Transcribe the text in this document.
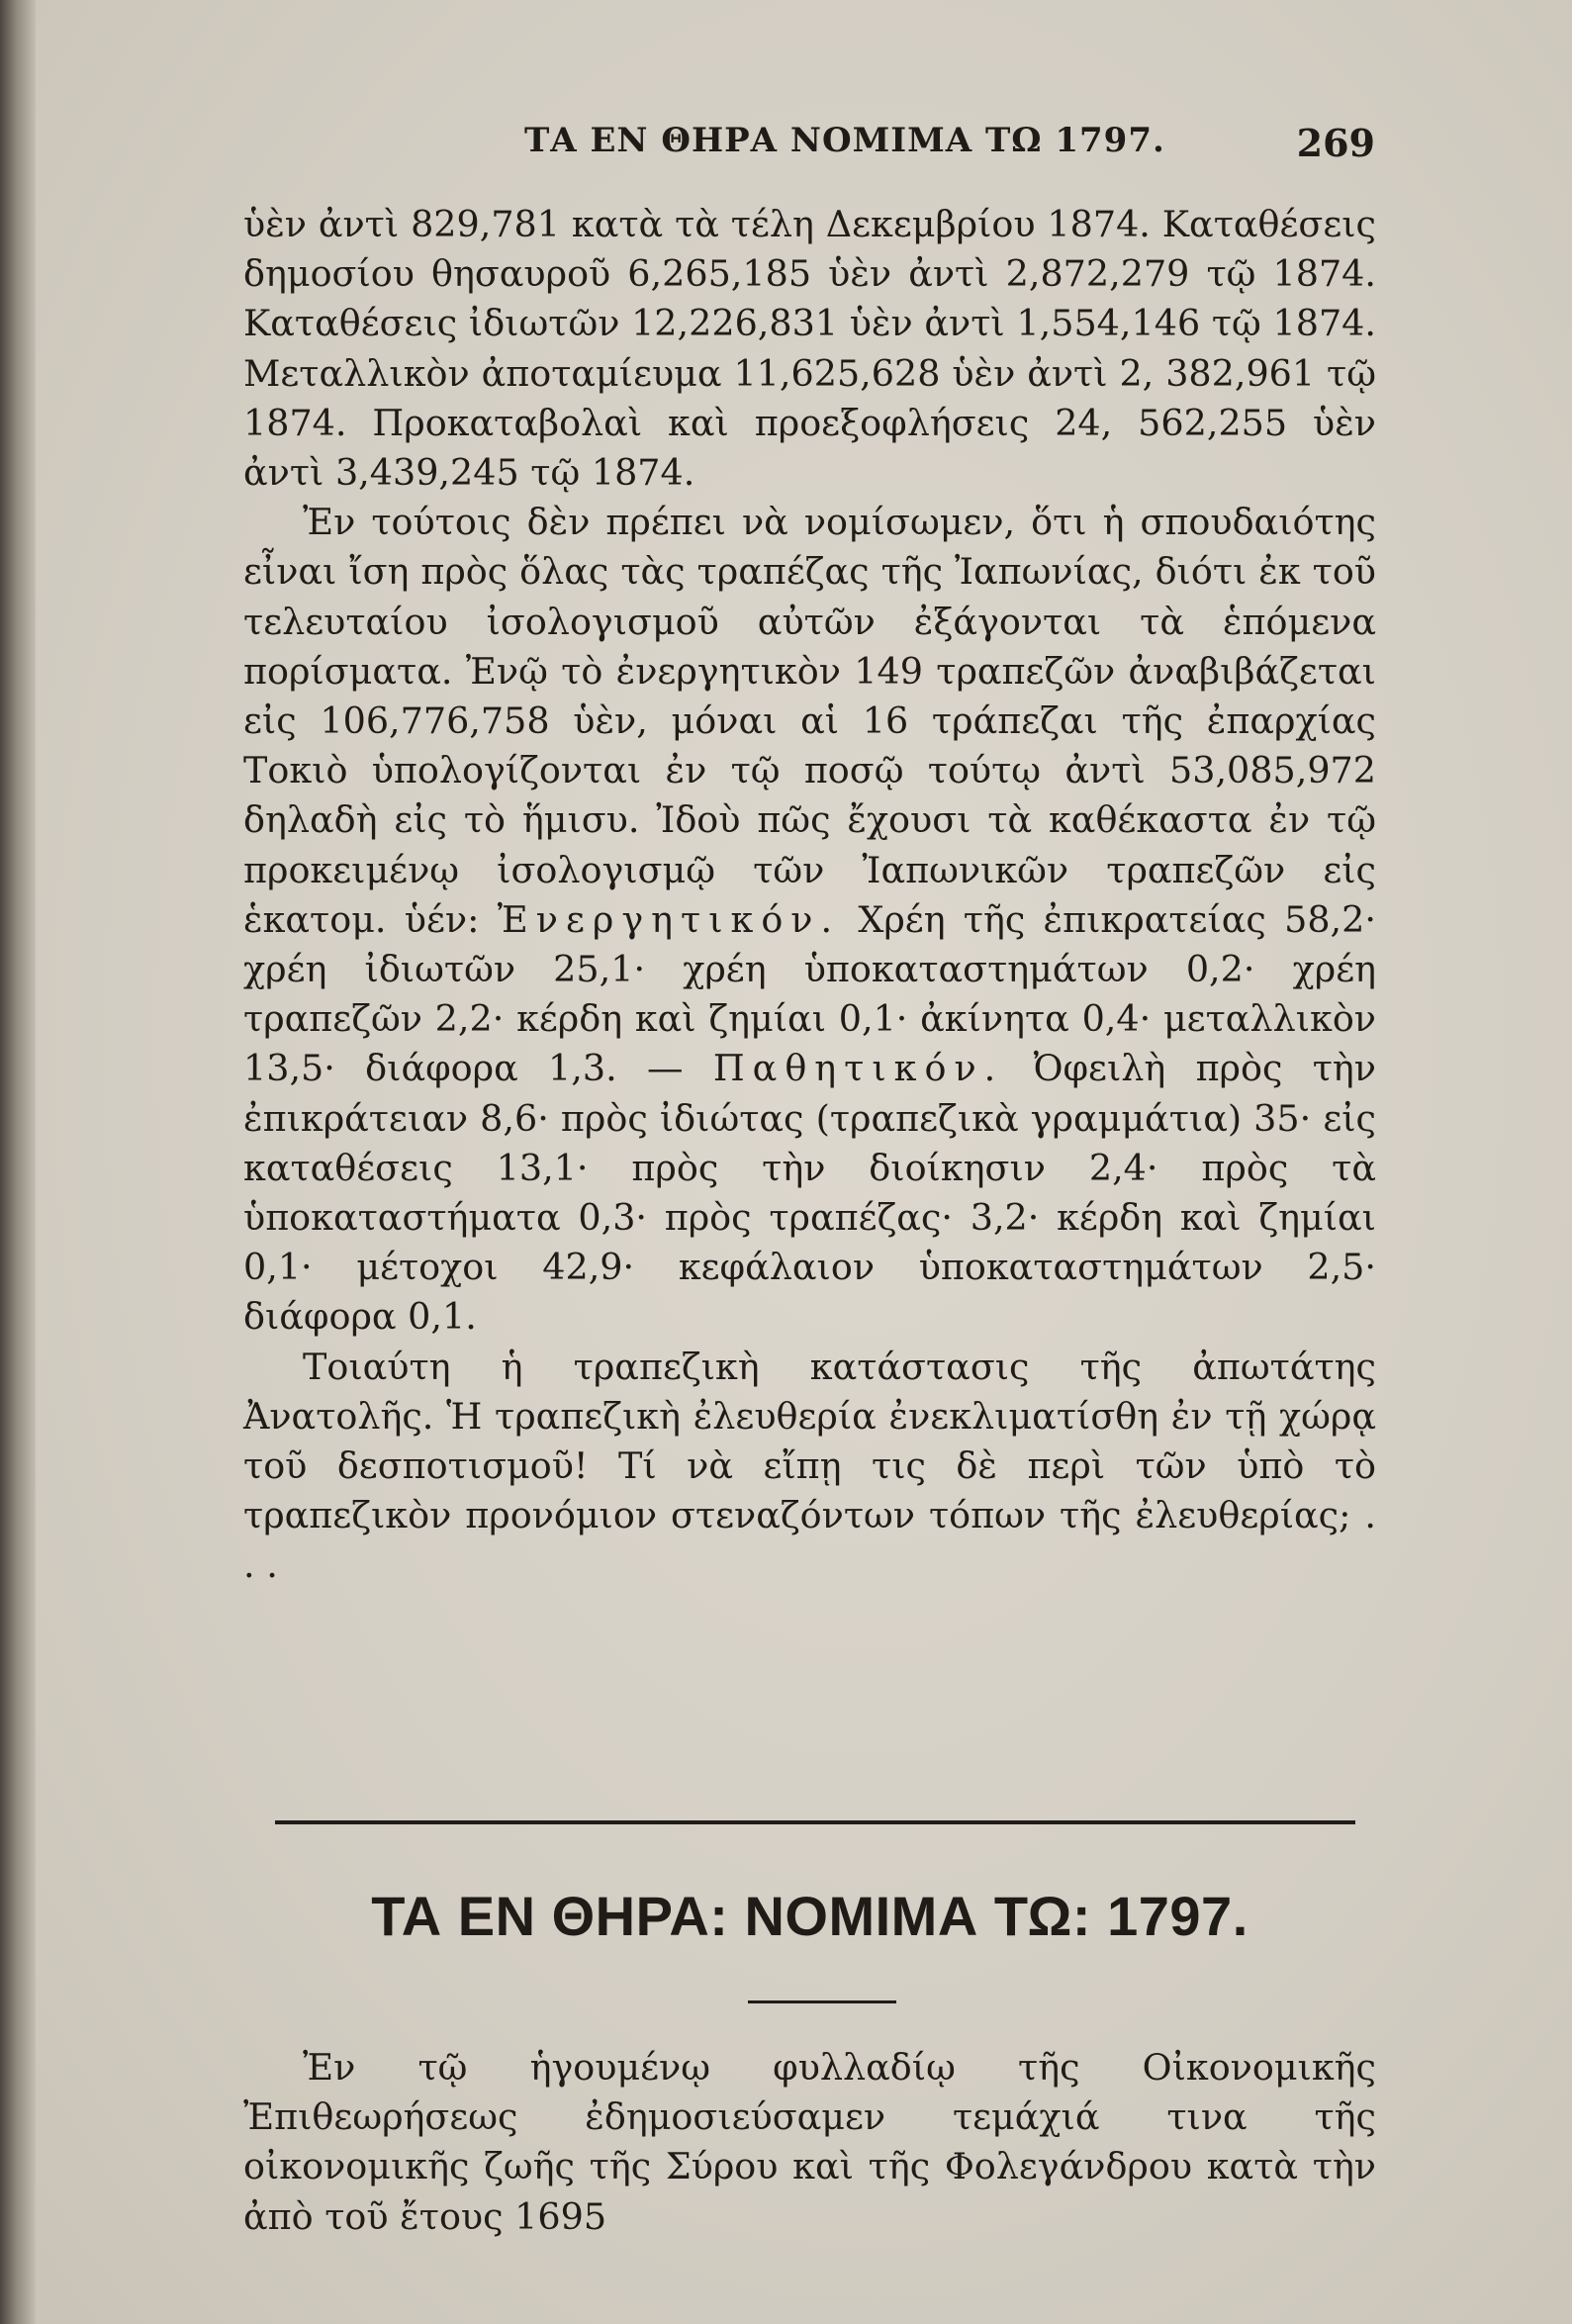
ΤΑ ΕΝ ΘΗΡΑ ΝΟΜΙΜΑ ΤΩ 1797.	269

ὑὲν ἀντὶ 829,781 κατὰ τὰ τέλη Δεκεμβρίου 1874. Καταθέσεις δημοσίου θησαυροῦ 6,265,185 ὑὲν ἀντὶ 2,872,279 τῷ 1874. Καταθέσεις ἰδιωτῶν 12,226,831 ὑὲν ἀντὶ 1,554,146 τῷ 1874. Μεταλλικὸν ἀποταμίευμα 11,625,628 ὑὲν ἀντὶ 2, 382,961 τῷ 1874. Προκαταβολαὶ καὶ προεξοφλήσεις 24, 562,255 ὑὲν ἀντὶ 3,439,245 τῷ 1874.

Ἐν τούτοις δὲν πρέπει νὰ νομίσωμεν, ὅτι ἡ σπουδαιότης εἶναι ἴση πρὸς ὅλας τὰς τραπέζας τῆς Ἰαπωνίας, διότι ἐκ τοῦ τελευταίου ἰσολογισμοῦ αὐτῶν ἐξάγονται τὰ ἑπόμενα πορίσματα. Ἐνῷ τὸ ἐνεργητικὸν 149 τραπεζῶν ἀναβιβάζεται εἰς 106,776,758 ὑὲν, μόναι αἱ 16 τράπεζαι τῆς ἐπαρχίας Τοκιὸ ὑπολογίζονται ἐν τῷ ποσῷ τούτῳ ἀντὶ 53,085,972 δηλαδὴ εἰς τὸ ἥμισυ. Ἰδοὺ πῶς ἔχουσι τὰ καθέκαστα ἐν τῷ προκειμένῳ ἰσολογισμῷ τῶν Ἰαπωνικῶν τραπεζῶν εἰς ἑκατομ. ὑέν: Ἐνεργητικόν. Χρέη τῆς ἐπικρατείας 58,2· χρέη ἰδιωτῶν 25,1· χρέη ὑποκαταστημάτων 0,2· χρέη τραπεζῶν 2,2· κέρδη καὶ ζημίαι 0,1· ἀκίνητα 0,4· μεταλλικὸν 13,5· διάφορα 1,3. — Παθητικόν. Ὀφειλὴ πρὸς τὴν ἐπικράτειαν 8,6· πρὸς ἰδιώτας (τραπεζικὰ γραμμάτια) 35· εἰς καταθέσεις 13,1· πρὸς τὴν διοίκησιν 2,4· πρὸς τὰ ὑποκαταστήματα 0,3· πρὸς τραπέζας· 3,2· κέρδη καὶ ζημίαι 0,1· μέτοχοι 42,9· κεφάλαιον ὑποκαταστημάτων 2,5· διάφορα 0,1.

Τοιαύτη ἡ τραπεζικὴ κατάστασις τῆς ἀπωτάτης Ἀνατολῆς. Ἡ τραπεζικὴ ἐλευθερία ἐνεκλιματίσθη ἐν τῇ χώρᾳ τοῦ δεσποτισμοῦ! Τί νὰ εἴπῃ τις δὲ περὶ τῶν ὑπὸ τὸ τραπεζικὸν προνόμιον στεναζόντων τόπων τῆς ἐλευθερίας; . . .

ΤΑ ΕΝ ΘΗΡΑ: ΝΟΜΙΜΑ ΤΩ: 1797.

Ἐν τῷ ἡγουμένῳ φυλλαδίῳ τῆς Οἰκονομικῆς Ἐπιθεωρήσεως ἐδημοσιεύσαμεν τεμάχιά τινα τῆς οἰκονομικῆς ζωῆς τῆς Σύρου καὶ τῆς Φολεγάνδρου κατὰ τὴν ἀπὸ τοῦ ἔτους 1695
